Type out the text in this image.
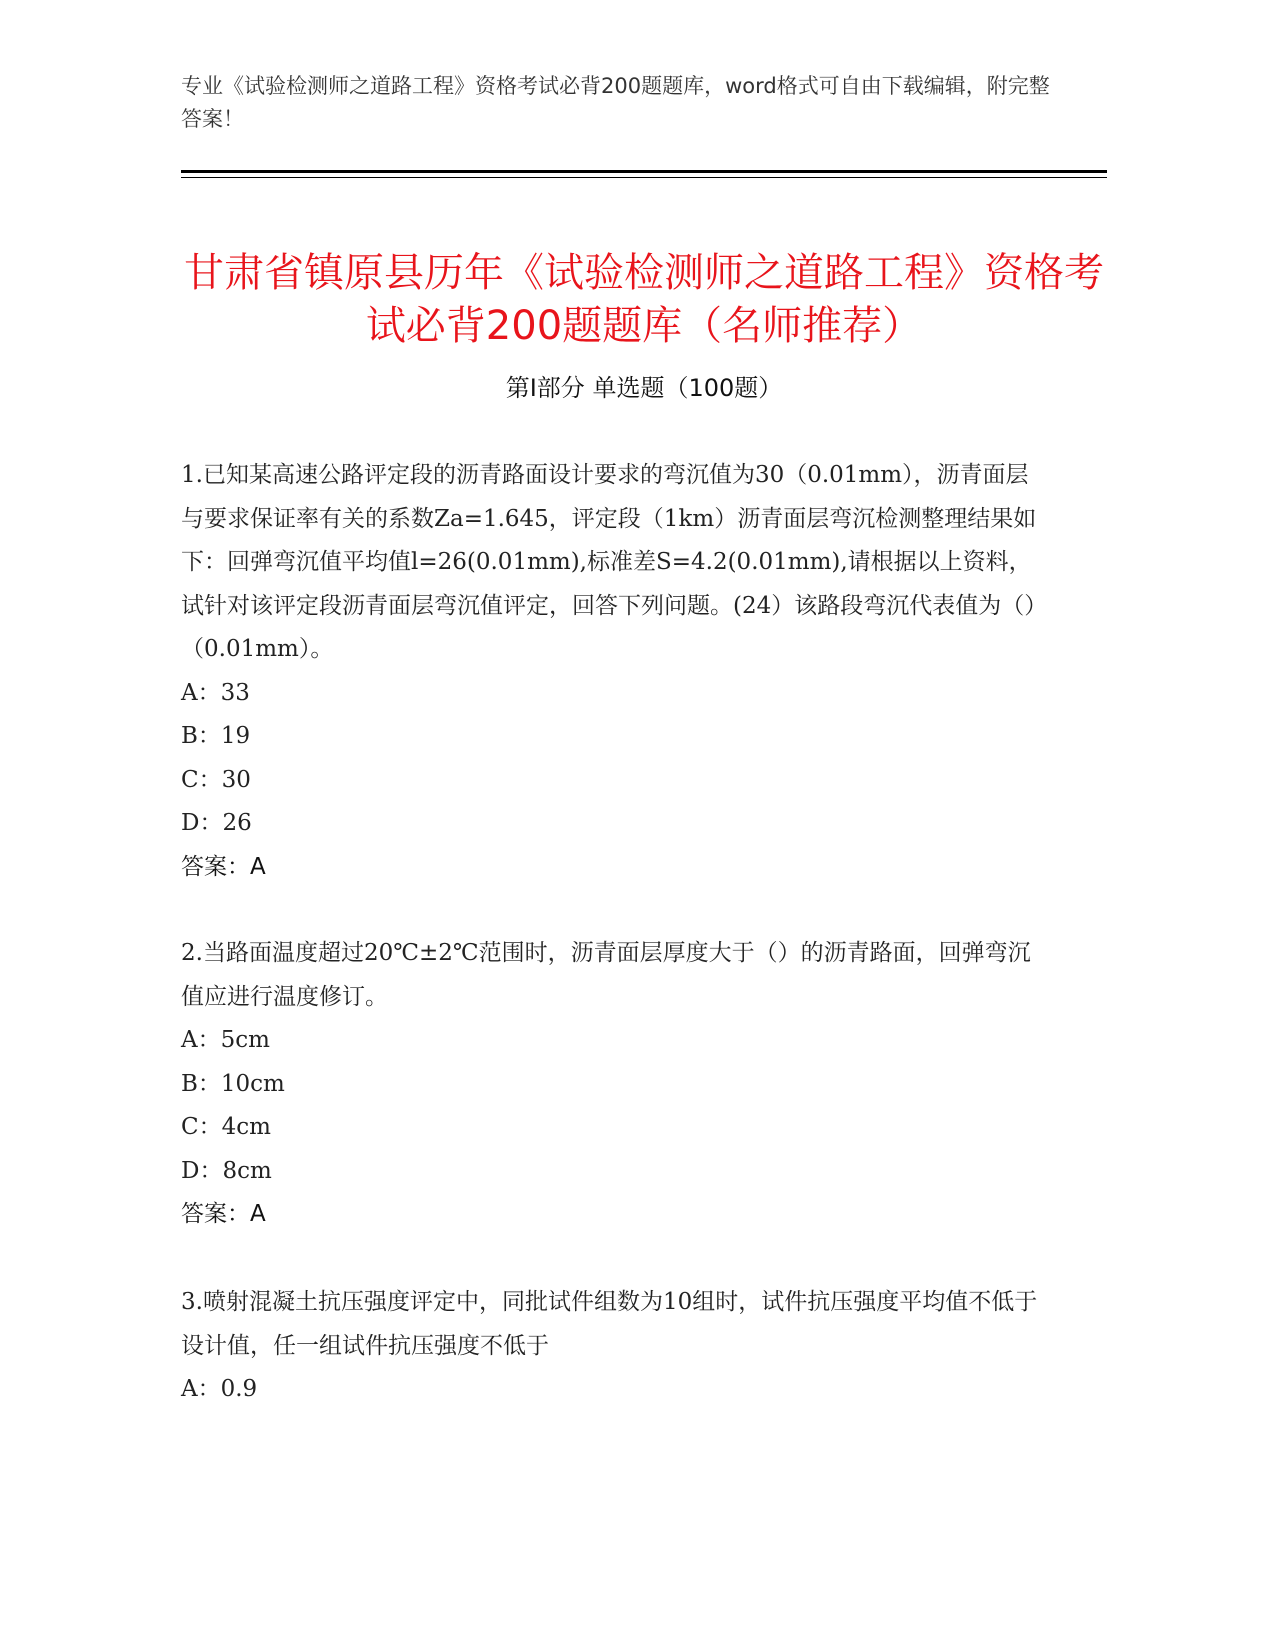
专业《试验检测师之道路工程》资格考试必背200题题库，word格式可自由下载编辑，附完整答案！
甘肃省镇原县历年《试验检测师之道路工程》资格考试必背200题题库（名师推荐）
第Ⅰ部分 单选题（100题）

1.已知某高速公路评定段的沥青路面设计要求的弯沉值为30（0.01mm），沥青面层与要求保证率有关的系数Za=1.645，评定段（1km）沥青面层弯沉检测整理结果如下：回弹弯沉值平均值l=26(0.01mm),标准差S=4.2(0.01mm),请根据以上资料，试针对该评定段沥青面层弯沉值评定，回答下列问题。(24）该路段弯沉代表值为（）（0.01mm）。

A：33

B：19

C：30

D：26

答案：A

2.当路面温度超过20℃±2℃范围时，沥青面层厚度大于（）的沥青路面，回弹弯沉值应进行温度修订。

A：5cm

B：10cm

C：4cm

D：8cm

答案：A

3.喷射混凝土抗压强度评定中，同批试件组数为10组时，试件抗压强度平均值不低于设计值，任一组试件抗压强度不低于

A：0.9
